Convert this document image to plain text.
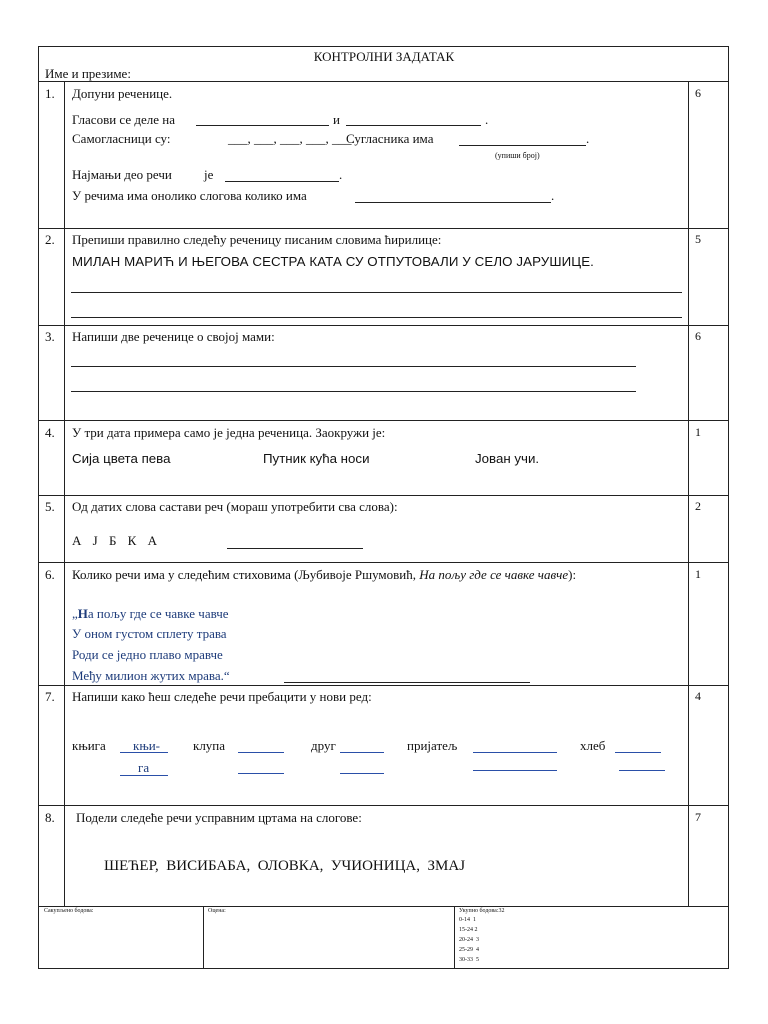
КОНТРОЛНИ ЗАДАТАК
Име и презиме:
1.	6
Допуни реченице.
Гласови се деле на	и	.
Самогласници су:	___, ___, ___, ___, ___.
Сугласника има	.
(упиши број)
Најмањи део речи је	.
У речима има онолико слогова колико има	.
2.	5
Препиши правилно следећу реченицу писаним словима ћирилице:
МИЛАН МАРИЋ И ЊЕГОВА СЕСТРА КАТА СУ ОТПУТОВАЛИ У СЕЛО ЈАРУШИЦЕ.
3.	6
Напиши две реченице о својој мами:
4.	1
У три дата примера само је једна реченица. Заокружи је:
Сија цвета пева	Путник кућа носи	Јован учи.
5.	2
Од датих слова састави реч (мораш употребити сва слова):
А Ј Б К А
6.	1
Колико речи има у следећим стиховима (Љубивоје Ршумовић, На пољу где се чавке чавче):
„На пољу где се чавке чавче
У оном густом сплету трава
Роди се једно плаво мравче
Међу милион жутих мрава.“
7.	4
Напиши како ћеш следеће речи пребацити у нови ред:
књига књи-	клупа	друг	пријатељ	хлеб
га
8.	7
Подели следеће речи усправним цртама на слогове:
ШЕЋЕР,  ВИСИБАБА,  ОЛОВКА,  УЧИОНИЦА,  ЗМАЈ
Сакупљено бодова:	Оцена:	Укупно бодова:32
0-14  1
15-24 2
20-24  3
25-29  4
30-33  5
